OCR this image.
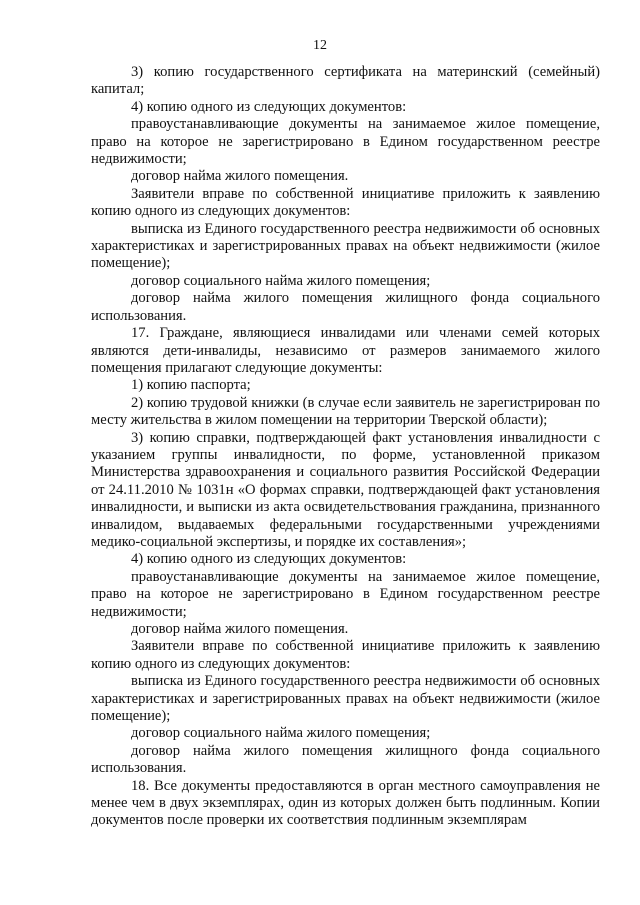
12

3) копию государственного сертификата на материнский (семейный) капитал;

4) копию одного из следующих документов:

правоустанавливающие документы на занимаемое жилое помещение, право на которое не зарегистрировано в Едином государственном реестре недвижимости;

договор найма жилого помещения.

Заявители вправе по собственной инициативе приложить к заявлению копию одного из следующих документов:

выписка из Единого государственного реестра недвижимости об основных характеристиках и зарегистрированных правах на объект недвижимости (жилое помещение);

договор социального найма жилого помещения;

договор найма жилого помещения жилищного фонда социального использования.

17. Граждане, являющиеся инвалидами или членами семей которых являются дети-инвалиды, независимо от размеров занимаемого жилого помещения прилагают следующие документы:

1) копию паспорта;

2) копию трудовой книжки (в случае если заявитель не зарегистрирован по месту жительства в жилом помещении на территории Тверской области);

3) копию справки, подтверждающей факт установления инвалидности с указанием группы инвалидности, по форме, установленной приказом Министерства здравоохранения и социального развития Российской Федерации от 24.11.2010 № 1031н «О формах справки, подтверждающей факт установления инвалидности, и выписки из акта освидетельствования гражданина, признанного инвалидом, выдаваемых федеральными государственными учреждениями медико-социальной экспертизы, и порядке их составления»;

4) копию одного из следующих документов:

правоустанавливающие документы на занимаемое жилое помещение, право на которое не зарегистрировано в Едином государственном реестре недвижимости;

договор найма жилого помещения.

Заявители вправе по собственной инициативе приложить к заявлению копию одного из следующих документов:

выписка из Единого государственного реестра недвижимости об основных характеристиках и зарегистрированных правах на объект недвижимости (жилое помещение);

договор социального найма жилого помещения;

договор найма жилого помещения жилищного фонда социального использования.

18. Все документы предоставляются в орган местного самоуправления не менее чем в двух экземплярах, один из которых должен быть подлинным. Копии документов после проверки их соответствия подлинным экземплярам
